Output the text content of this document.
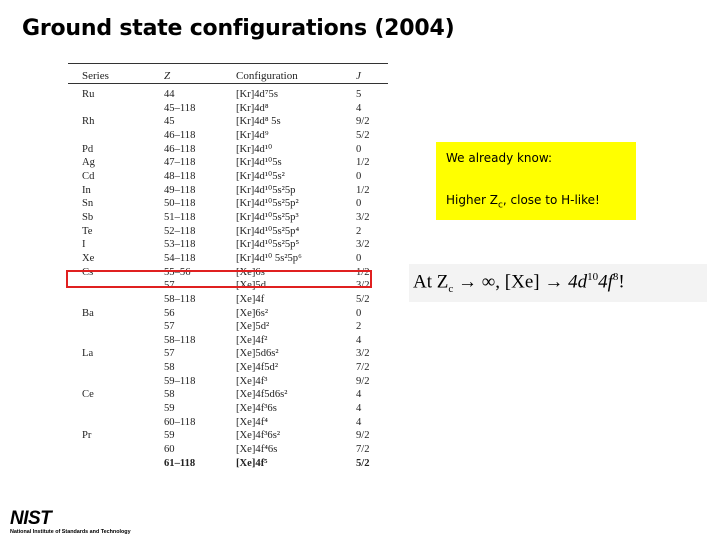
Ground state configurations (2004)
Series	Z	Configuration	J
Ru	44	[Kr]4d⁷5s	5
	45–118	[Kr]4d⁸	4
Rh	45	[Kr]4d⁸ 5s	9/2
	46–118	[Kr]4d⁹	5/2
Pd	46–118	[Kr]4d¹⁰	0
Ag	47–118	[Kr]4d¹⁰5s	1/2
Cd	48–118	[Kr]4d¹⁰5s²	0
In	49–118	[Kr]4d¹⁰5s²5p	1/2
Sn	50–118	[Kr]4d¹⁰5s²5p²	0
Sb	51–118	[Kr]4d¹⁰5s²5p³	3/2
Te	52–118	[Kr]4d¹⁰5s²5p⁴	2
I	53–118	[Kr]4d¹⁰5s²5p⁵	3/2
Xe	54–118	[Kr]4d¹⁰ 5s²5p⁶	0
Cs	55–56	[Xe]6s	1/2
	57	[Xe]5d	3/2
	58–118	[Xe]4f	5/2
Ba	56	[Xe]6s²	0
	57	[Xe]5d²	2
	58–118	[Xe]4f²	4
La	57	[Xe]5d6s²	3/2
	58	[Xe]4f5d²	7/2
	59–118	[Xe]4f³	9/2
Ce	58	[Xe]4f5d6s²	4
	59	[Xe]4f³6s	4
	60–118	[Xe]4f⁴	4
Pr	59	[Xe]4f³6s²	9/2
	60	[Xe]4f⁴6s	7/2
	61–118	[Xe]4f⁵	5/2
We already know:
Higher $Z_c$, close to H-like!
At $Z_c$ → ∞, $[Xe] \to 4d^{10}4f^8$!
NIST
National Institute of Standards and Technology
